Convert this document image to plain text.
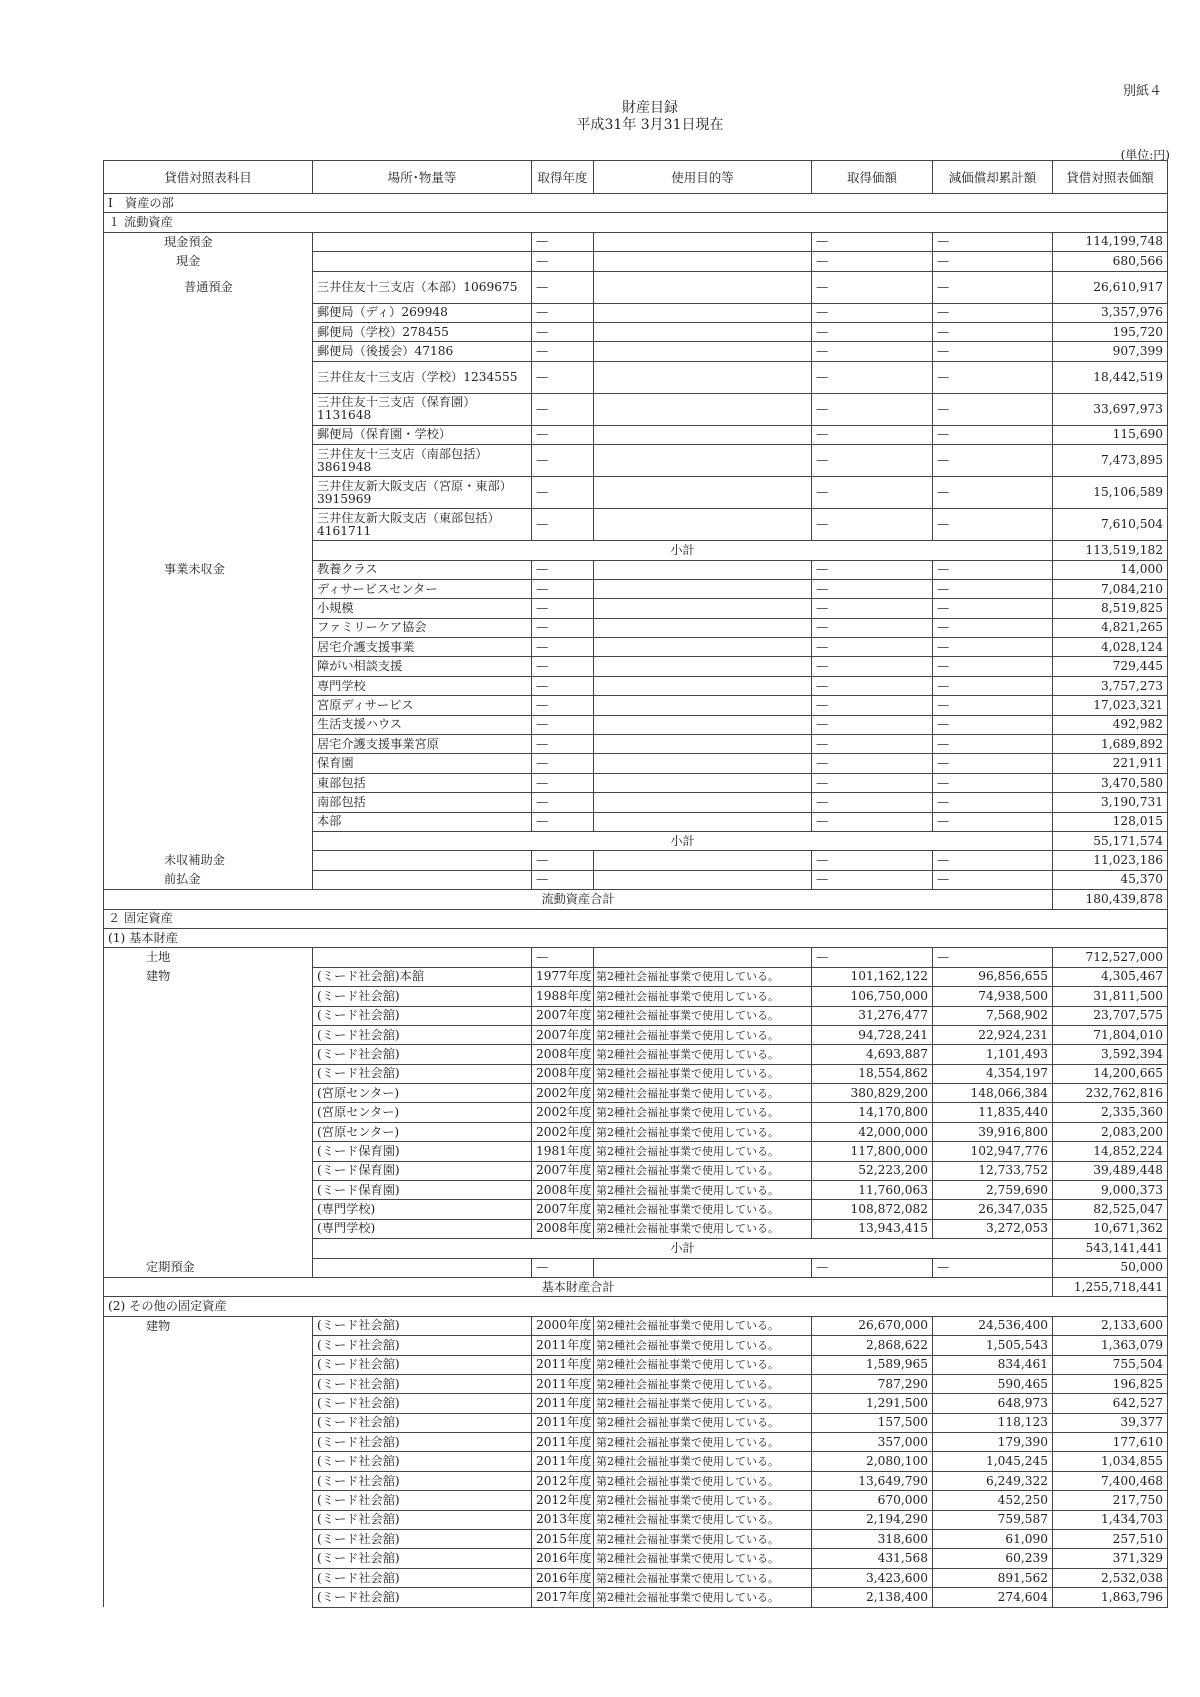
別紙４
財産目録
平成31年 3月31日現在
(単位:円)
貸借対照表科目	場所･物量等	取得年度	使用目的等	取得価額	減価償却累計額	貸借対照表価額
Ⅰ　資産の部						
１ 流動資産						
現金預金		—		—	—	114,199,748
現金		—		—	—	680,566
普通預金	三井住友十三支店（本部）1069675	—		—	—	26,610,917
	郵便局（ディ）269948	—		—	—	3,357,976
	郵便局（学校）278455	—		—	—	195,720
	郵便局（後援会）47186	—		—	—	907,399
	三井住友十三支店（学校）1234555	—		—	—	18,442,519
	三井住友十三支店（保育園）1131648	—		—	—	33,697,973
	郵便局（保育園・学校）	—		—	—	115,690
	三井住友十三支店（南部包括）3861948	—		—	—	7,473,895
	三井住友新大阪支店（宮原・東部）3915969	—		—	—	15,106,589
	三井住友新大阪支店（東部包括）4161711	—		—	—	7,610,504
	小計					113,519,182
事業未収金	教養クラス	—		—	—	14,000
	ディサービスセンター	—		—	—	7,084,210
	小規模	—		—	—	8,519,825
	ファミリーケア協会	—		—	—	4,821,265
	居宅介護支援事業	—		—	—	4,028,124
	障がい相談支援	—		—	—	729,445
	専門学校	—		—	—	3,757,273
	宮原ディサービス	—		—	—	17,023,321
	生活支援ハウス	—		—	—	492,982
	居宅介護支援事業宮原	—		—	—	1,689,892
	保育園	—		—	—	221,911
	東部包括	—		—	—	3,470,580
	南部包括	—		—	—	3,190,731
	本部	—		—	—	128,015
	小計					55,171,574
未収補助金		—		—	—	11,023,186
前払金		—		—	—	45,370
流動資産合計						180,439,878
２ 固定資産						
(1) 基本財産						
土地		—		—	—	712,527,000
建物	(ミード社会舘)本舘	1977年度	第2種社会福祉事業で使用している。	101,162,122	96,856,655	4,305,467
	(ミード社会舘)	1988年度	第2種社会福祉事業で使用している。	106,750,000	74,938,500	31,811,500
	(ミード社会舘)	2007年度	第2種社会福祉事業で使用している。	31,276,477	7,568,902	23,707,575
	(ミード社会舘)	2007年度	第2種社会福祉事業で使用している。	94,728,241	22,924,231	71,804,010
	(ミード社会舘)	2008年度	第2種社会福祉事業で使用している。	4,693,887	1,101,493	3,592,394
	(ミード社会舘)	2008年度	第2種社会福祉事業で使用している。	18,554,862	4,354,197	14,200,665
	(宮原センター)	2002年度	第2種社会福祉事業で使用している。	380,829,200	148,066,384	232,762,816
	(宮原センター)	2002年度	第2種社会福祉事業で使用している。	14,170,800	11,835,440	2,335,360
	(宮原センター)	2002年度	第2種社会福祉事業で使用している。	42,000,000	39,916,800	2,083,200
	(ミード保育園)	1981年度	第2種社会福祉事業で使用している。	117,800,000	102,947,776	14,852,224
	(ミード保育園)	2007年度	第2種社会福祉事業で使用している。	52,223,200	12,733,752	39,489,448
	(ミード保育園)	2008年度	第2種社会福祉事業で使用している。	11,760,063	2,759,690	9,000,373
	(専門学校)	2007年度	第2種社会福祉事業で使用している。	108,872,082	26,347,035	82,525,047
	(専門学校)	2008年度	第2種社会福祉事業で使用している。	13,943,415	3,272,053	10,671,362
	小計					543,141,441
定期預金		—		—	—	50,000
基本財産合計						1,255,718,441
(2) その他の固定資産						
建物	(ミード社会舘)	2000年度	第2種社会福祉事業で使用している。	26,670,000	24,536,400	2,133,600
	(ミード社会舘)	2011年度	第2種社会福祉事業で使用している。	2,868,622	1,505,543	1,363,079
	(ミード社会舘)	2011年度	第2種社会福祉事業で使用している。	1,589,965	834,461	755,504
	(ミード社会舘)	2011年度	第2種社会福祉事業で使用している。	787,290	590,465	196,825
	(ミード社会舘)	2011年度	第2種社会福祉事業で使用している。	1,291,500	648,973	642,527
	(ミード社会舘)	2011年度	第2種社会福祉事業で使用している。	157,500	118,123	39,377
	(ミード社会舘)	2011年度	第2種社会福祉事業で使用している。	357,000	179,390	177,610
	(ミード社会舘)	2011年度	第2種社会福祉事業で使用している。	2,080,100	1,045,245	1,034,855
	(ミード社会舘)	2012年度	第2種社会福祉事業で使用している。	13,649,790	6,249,322	7,400,468
	(ミード社会舘)	2012年度	第2種社会福祉事業で使用している。	670,000	452,250	217,750
	(ミード社会舘)	2013年度	第2種社会福祉事業で使用している。	2,194,290	759,587	1,434,703
	(ミード社会舘)	2015年度	第2種社会福祉事業で使用している。	318,600	61,090	257,510
	(ミード社会舘)	2016年度	第2種社会福祉事業で使用している。	431,568	60,239	371,329
	(ミード社会舘)	2016年度	第2種社会福祉事業で使用している。	3,423,600	891,562	2,532,038
	(ミード社会舘)	2017年度	第2種社会福祉事業で使用している。	2,138,400	274,604	1,863,796
